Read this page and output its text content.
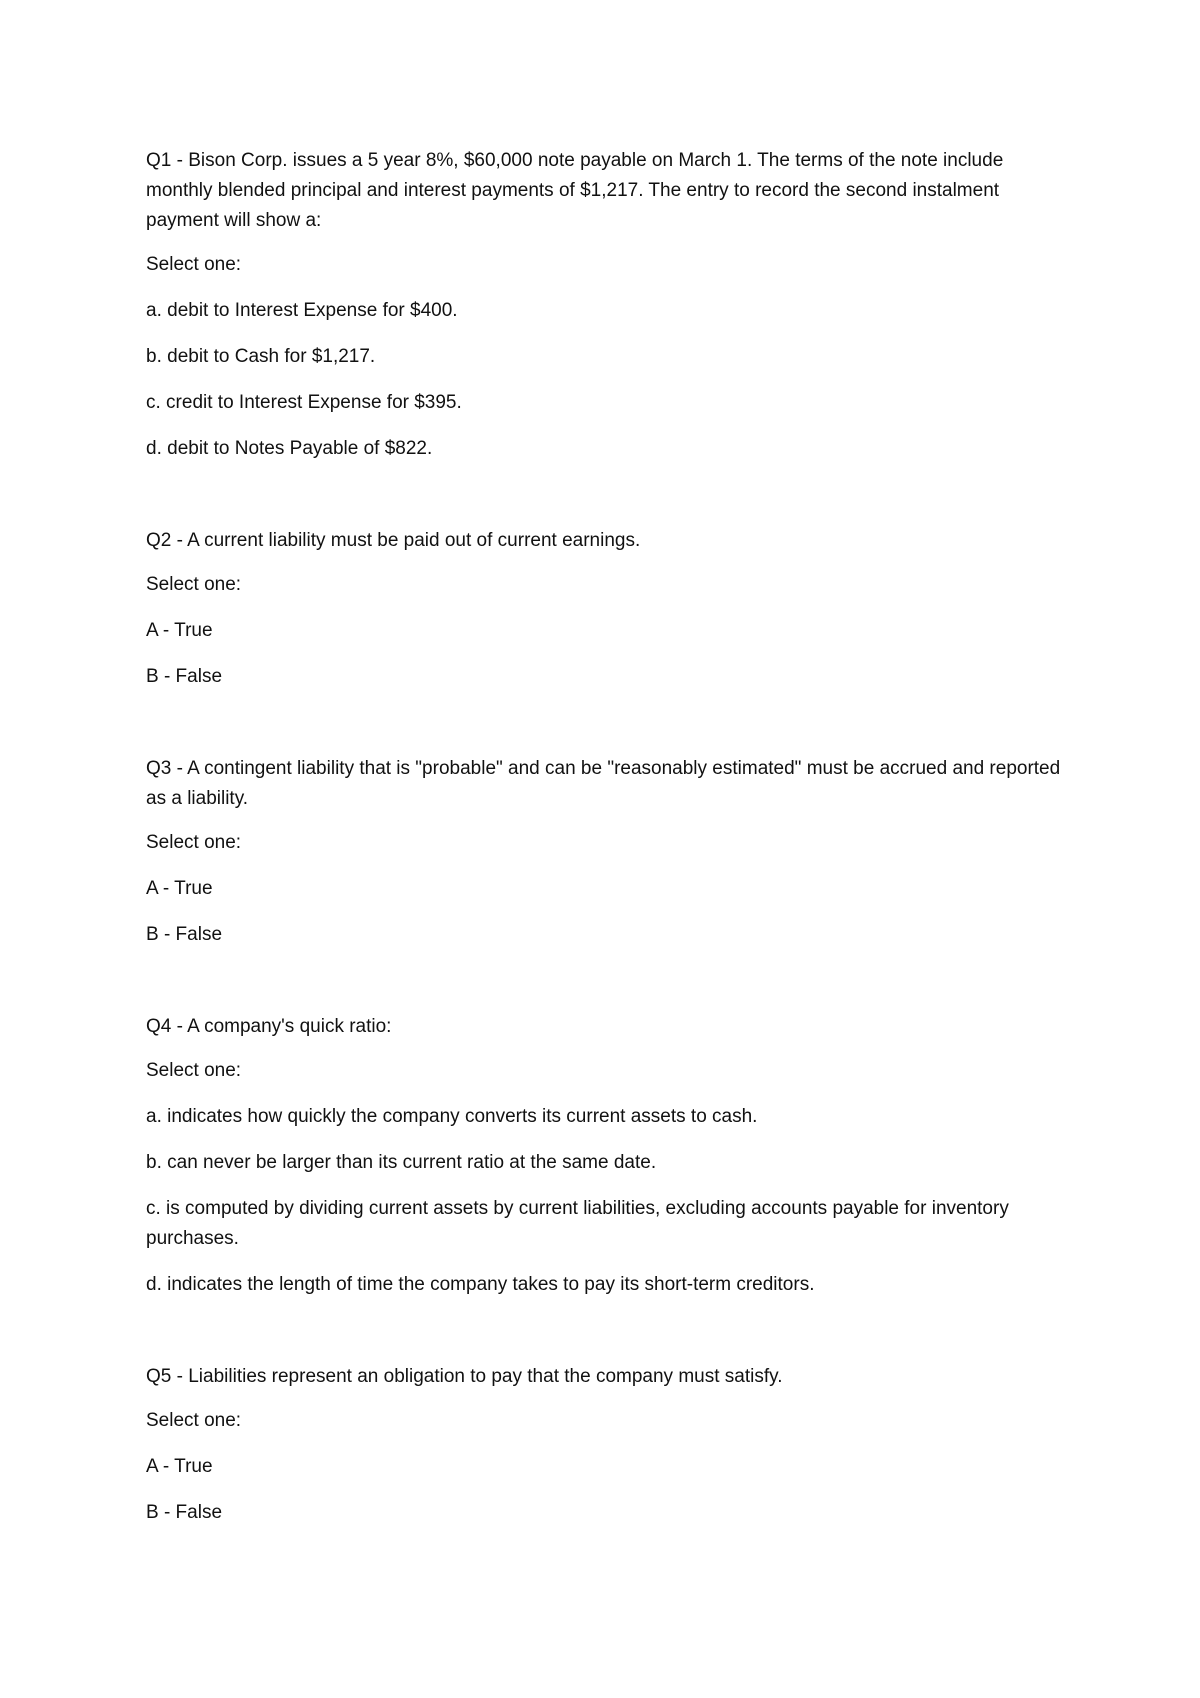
Q1 - Bison Corp. issues a 5 year 8%, $60,000 note payable on March 1. The terms of the note include monthly blended principal and interest payments of $1,217. The entry to record the second instalment payment will show a:

Select one:

a. debit to Interest Expense for $400.

b. debit to Cash for $1,217.

c. credit to Interest Expense for $395.

d. debit to Notes Payable of $822.

Q2 - A current liability must be paid out of current earnings.

Select one:

A - True

B - False

Q3 - A contingent liability that is "probable" and can be "reasonably estimated" must be accrued and reported as a liability.

Select one:

A - True

B - False

Q4 - A company's quick ratio:

Select one:

a. indicates how quickly the company converts its current assets to cash.

b. can never be larger than its current ratio at the same date.

c. is computed by dividing current assets by current liabilities, excluding accounts payable for inventory purchases.

d. indicates the length of time the company takes to pay its short-term creditors.

Q5 - Liabilities represent an obligation to pay that the company must satisfy.

Select one:

A - True

B - False
